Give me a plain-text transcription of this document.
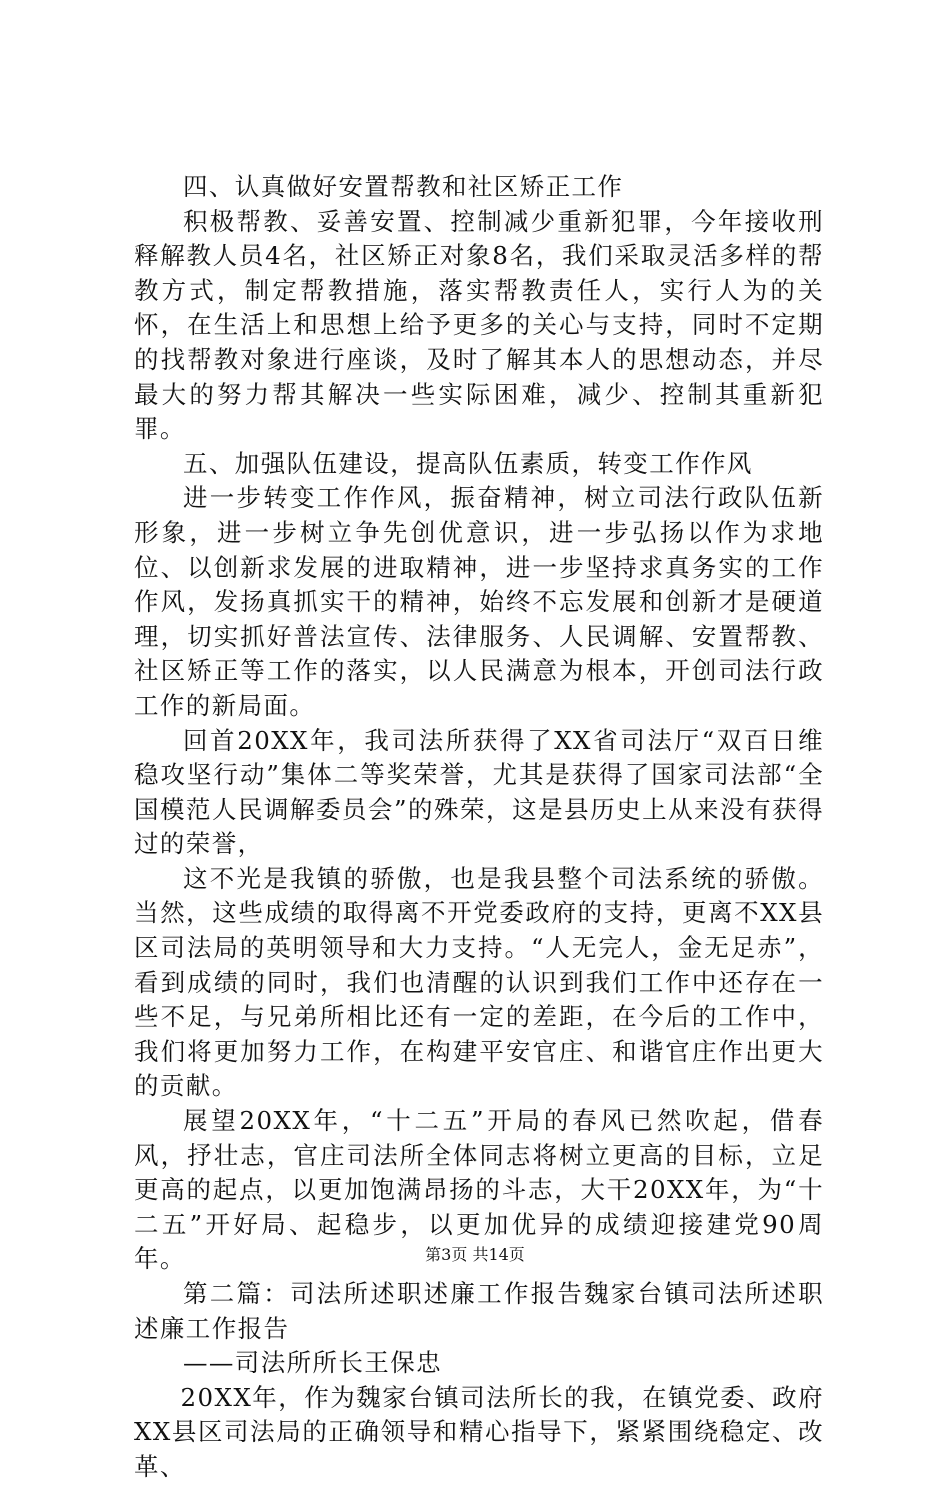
四、认真做好安置帮教和社区矫正工作

积极帮教、妥善安置、控制减少重新犯罪，今年接收刑释解教人员4名，社区矫正对象8名，我们采取灵活多样的帮教方式，制定帮教措施，落实帮教责任人，实行人为的关怀，在生活上和思想上给予更多的关心与支持，同时不定期的找帮教对象进行座谈，及时了解其本人的思想动态，并尽最大的努力帮其解决一些实际困难，减少、控制其重新犯罪。

五、加强队伍建设，提高队伍素质，转变工作作风

进一步转变工作作风，振奋精神，树立司法行政队伍新形象，进一步树立争先创优意识，进一步弘扬以作为求地位、以创新求发展的进取精神，进一步坚持求真务实的工作作风，发扬真抓实干的精神，始终不忘发展和创新才是硬道理，切实抓好普法宣传、法律服务、人民调解、安置帮教、社区矫正等工作的落实，以人民满意为根本，开创司法行政工作的新局面。

回首20XX年，我司法所获得了XX省司法厅“双百日维稳攻坚行动”集体二等奖荣誉，尤其是获得了国家司法部“全国模范人民调解委员会”的殊荣，这是县历史上从来没有获得过的荣誉，

这不光是我镇的骄傲，也是我县整个司法系统的骄傲。当然，这些成绩的取得离不开党委政府的支持，更离不XX县区司法局的英明领导和大力支持。“人无完人，金无足赤”，看到成绩的同时，我们也清醒的认识到我们工作中还存在一些不足，与兄弟所相比还有一定的差距，在今后的工作中，我们将更加努力工作，在构建平安官庄、和谐官庄作出更大的贡献。

展望20XX年，“十二五”开局的春风已然吹起，借春风，抒壮志，官庄司法所全体同志将树立更高的目标，立足更高的起点，以更加饱满昂扬的斗志，大干20XX年，为“十二五”开好局、起稳步，以更加优异的成绩迎接建党90周年。

第二篇：司法所述职述廉工作报告魏家台镇司法所述职述廉工作报告

——司法所所长王保忠

20XX年，作为魏家台镇司法所长的我，在镇党委、政府XX县区司法局的正确领导和精心指导下，紧紧围绕稳定、改革、

第3页 共14页
